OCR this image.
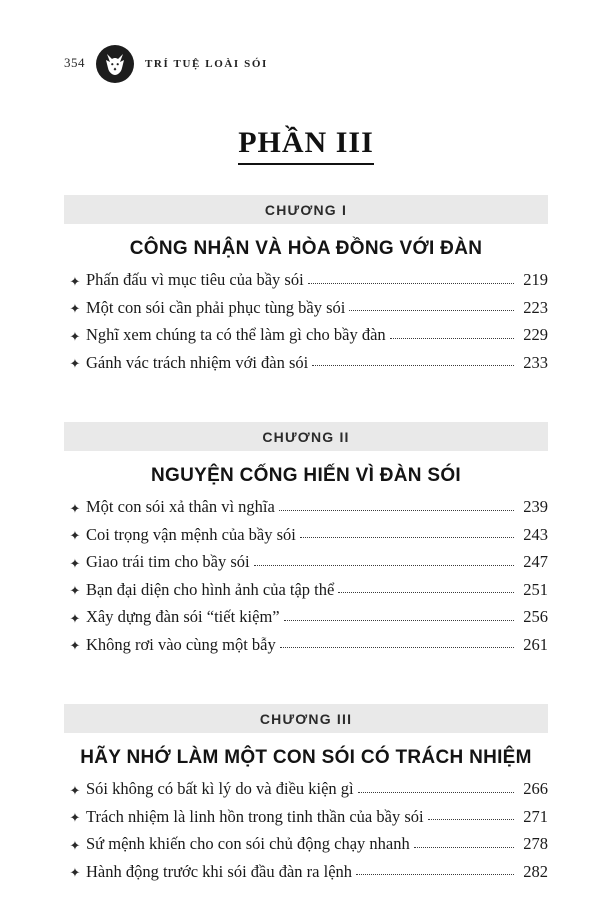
354	TRÍ TUỆ LOÀI SÓI
PHẦN III
CHƯƠNG I
CÔNG NHẬN VÀ HÒA ĐỒNG VỚI ĐÀN
✦ Phấn đấu vì mục tiêu của bầy sói	219
✦ Một con sói cần phải phục tùng bầy sói	223
✦ Nghĩ xem chúng ta có thể làm gì cho bầy đàn	229
✦ Gánh vác trách nhiệm với đàn sói	233
CHƯƠNG II
NGUYỆN CỐNG HIẾN VÌ ĐÀN SÓI
✦ Một con sói xả thân vì nghĩa	239
✦ Coi trọng vận mệnh của bầy sói	243
✦ Giao trái tim cho bầy sói	247
✦ Bạn đại diện cho hình ảnh của tập thể	251
✦ Xây dựng đàn sói “tiết kiệm”	256
✦ Không rơi vào cùng một bẫy	261
CHƯƠNG III
HÃY NHỚ LÀM MỘT CON SÓI CÓ TRÁCH NHIỆM
✦ Sói không có bất kì lý do và điều kiện gì	266
✦ Trách nhiệm là linh hồn trong tinh thần của bầy sói	271
✦ Sứ mệnh khiến cho con sói chủ động chạy nhanh	278
✦ Hành động trước khi sói đầu đàn ra lệnh	282
